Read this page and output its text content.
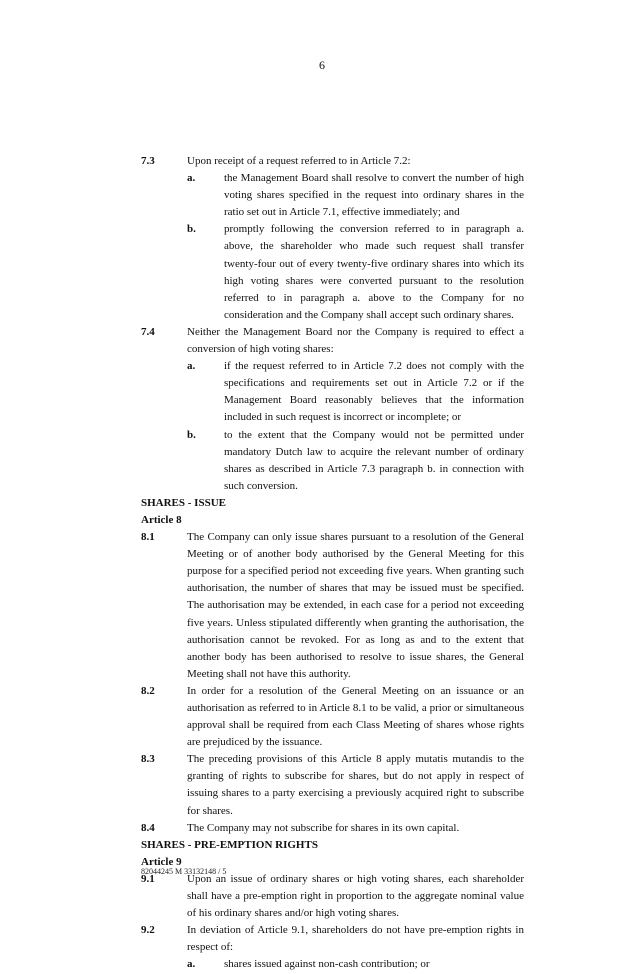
6
7.3	Upon receipt of a request referred to in Article 7.2:
a.	the Management Board shall resolve to convert the number of high voting shares specified in the request into ordinary shares in the ratio set out in Article 7.1, effective immediately; and
b.	promptly following the conversion referred to in paragraph a. above, the shareholder who made such request shall transfer twenty-four out of every twenty-five ordinary shares into which its high voting shares were converted pursuant to the resolution referred to in paragraph a. above to the Company for no consideration and the Company shall accept such ordinary shares.
7.4	Neither the Management Board nor the Company is required to effect a conversion of high voting shares:
a.	if the request referred to in Article 7.2 does not comply with the specifications and requirements set out in Article 7.2 or if the Management Board reasonably believes that the information included in such request is incorrect or incomplete; or
b.	to the extent that the Company would not be permitted under mandatory Dutch law to acquire the relevant number of ordinary shares as described in Article 7.3 paragraph b. in connection with such conversion.
SHARES - ISSUE
Article 8
8.1	The Company can only issue shares pursuant to a resolution of the General Meeting or of another body authorised by the General Meeting for this purpose for a specified period not exceeding five years. When granting such authorisation, the number of shares that may be issued must be specified. The authorisation may be extended, in each case for a period not exceeding five years. Unless stipulated differently when granting the authorisation, the authorisation cannot be revoked. For as long as and to the extent that another body has been authorised to resolve to issue shares, the General Meeting shall not have this authority.
8.2	In order for a resolution of the General Meeting on an issuance or an authorisation as referred to in Article 8.1 to be valid, a prior or simultaneous approval shall be required from each Class Meeting of shares whose rights are prejudiced by the issuance.
8.3	The preceding provisions of this Article 8 apply mutatis mutandis to the granting of rights to subscribe for shares, but do not apply in respect of issuing shares to a party exercising a previously acquired right to subscribe for shares.
8.4	The Company may not subscribe for shares in its own capital.
SHARES - PRE-EMPTION RIGHTS
Article 9
9.1	Upon an issue of ordinary shares or high voting shares, each shareholder shall have a pre-emption right in proportion to the aggregate nominal value of his ordinary shares and/or high voting shares.
9.2	In deviation of Article 9.1, shareholders do not have pre-emption rights in respect of:
a.	shares issued against non-cash contribution; or
82044245 M 33132148 / 5
